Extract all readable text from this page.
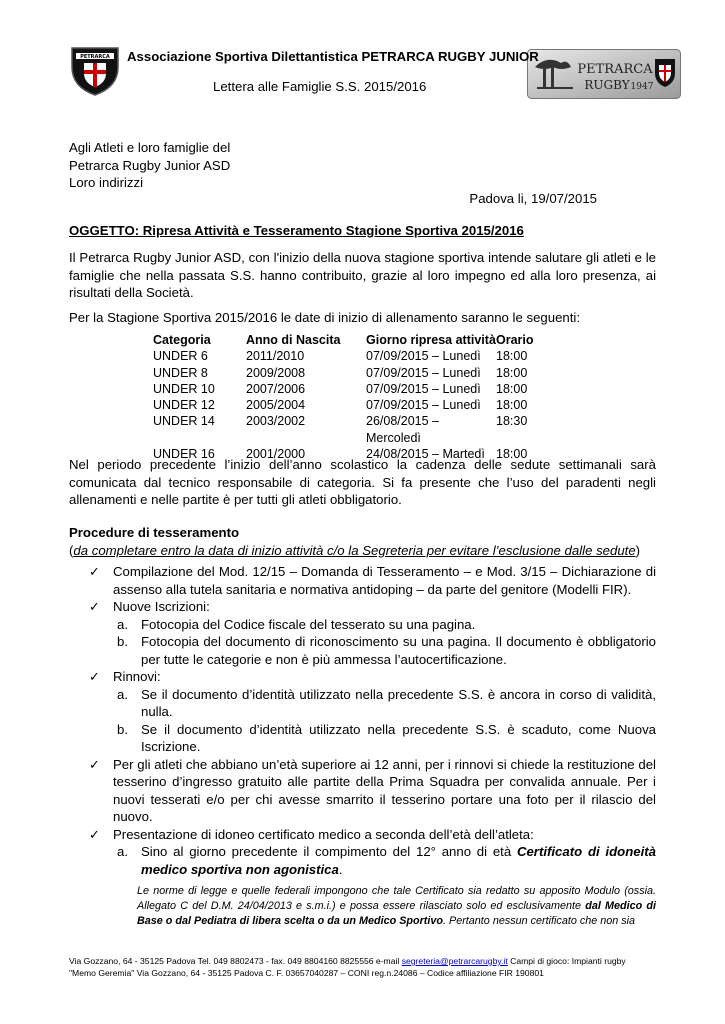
PETRARCA
PETRARCA
RUGBY 1947
Associazione Sportiva Dilettantistica PETRARCA RUGBY JUNIOR
Lettera alle Famiglie S.S. 2015/2016
Agli Atleti e loro famiglie del
Petrarca Rugby Junior ASD
Loro indirizzi
Padova li, 19/07/2015
OGGETTO: Ripresa Attività e Tesseramento Stagione Sportiva 2015/2016
Il Petrarca Rugby Junior ASD, con l'inizio della nuova stagione sportiva intende salutare gli atleti e le famiglie che nella passata S.S. hanno contribuito, grazie al loro impegno ed alla loro presenza, ai risultati della Società.
Per la Stagione Sportiva 2015/2016 le date di inizio di allenamento saranno le seguenti:
Categoria	Anno di Nascita	Giorno ripresa attività	Orario
UNDER 6	2011/2010	07/09/2015 – Lunedì	18:00
UNDER 8	2009/2008	07/09/2015 – Lunedì	18:00
UNDER 10	2007/2006	07/09/2015 – Lunedì	18:00
UNDER 12	2005/2004	07/09/2015 – Lunedì	18:00
UNDER 14	2003/2002	26/08/2015 – Mercoledì	18:30
UNDER 16	2001/2000	24/08/2015 – Martedì	18:00
Nel periodo precedente l’inizio dell’anno scolastico la cadenza delle sedute settimanali sarà comunicata dal tecnico responsabile di categoria. Si fa presente che l’uso del paradenti negli allenamenti e nelle partite è per tutti gli atleti obbligatorio.
Procedure di tesseramento
(da completare entro la data di inizio attività c/o la Segreteria per evitare l’esclusione dalle sedute)
✓ Compilazione del Mod. 12/15 – Domanda di Tesseramento – e Mod. 3/15 – Dichiarazione di assenso alla tutela sanitaria e normativa antidoping – da parte del genitore (Modelli FIR).
✓ Nuove Iscrizioni:
a. Fotocopia del Codice fiscale del tesserato su una pagina.
b. Fotocopia del documento di riconoscimento su una pagina. Il documento è obbligatorio per tutte le categorie e non è più ammessa l’autocertificazione.
✓ Rinnovi:
a. Se il documento d’identità utilizzato nella precedente S.S. è ancora in corso di validità, nulla.
b. Se il documento d’identità utilizzato nella precedente S.S. è scaduto, come Nuova Iscrizione.
✓ Per gli atleti che abbiano un’età superiore ai 12 anni, per i rinnovi si chiede la restituzione del tesserino d’ingresso gratuito alle partite della Prima Squadra per convalida annuale. Per i nuovi tesserati e/o per chi avesse smarrito il tesserino portare una foto per il rilascio del nuovo.
✓ Presentazione di idoneo certificato medico a seconda dell’età dell’atleta:
a. Sino al giorno precedente il compimento del 12° anno di età Certificato di idoneità medico sportiva non agonistica.
Le norme di legge e quelle federali impongono che tale Certificato sia redatto su apposito Modulo (ossia. Allegato C del D.M. 24/04/2013 e s.m.i.) e possa essere rilasciato solo ed esclusivamente dal Medico di Base o dal Pediatra di libera scelta o da un Medico Sportivo. Pertanto nessun certificato che non sia
Via Gozzano, 64 - 35125 Padova Tel. 049 8802473 - fax. 049 8804160 8825556 e-mail segreteria@petrarcarugby.it Campi di gioco: Impianti rugby
"Memo Geremia" Via Gozzano, 64 - 35125 Padova C. F. 03657040287 – CONI reg.n.24086 – Codice affiliazione FIR 190801
